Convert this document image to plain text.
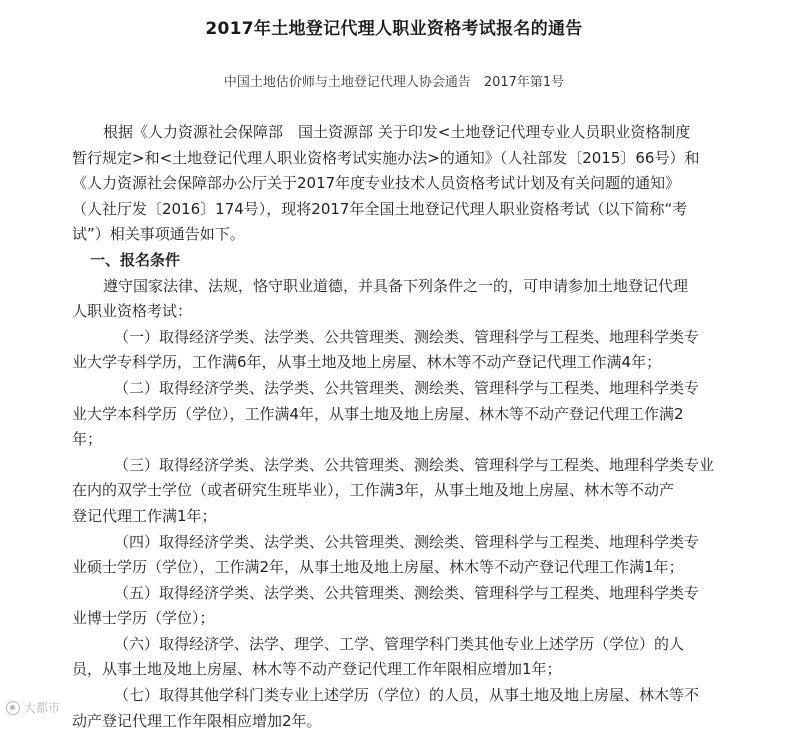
2017年土地登记代理人职业资格考试报名的通告
中国土地估价师与土地登记代理人协会通告　2017年第1号
根据《人力资源社会保障部　国土资源部 关于印发<土地登记代理专业人员职业资格制度
暂行规定>和<土地登记代理人职业资格考试实施办法>的通知》（人社部发〔2015〕66号）和
《人力资源社会保障部办公厅关于2017年度专业技术人员资格考试计划及有关问题的通知》
（人社厅发〔2016〕174号），现将2017年全国土地登记代理人职业资格考试（以下简称“考
试”）相关事项通告如下。
一、报名条件
遵守国家法律、法规，恪守职业道德，并具备下列条件之一的，可申请参加土地登记代理
人职业资格考试：
（一）取得经济学类、法学类、公共管理类、测绘类、管理科学与工程类、地理科学类专
业大学专科学历，工作满6年，从事土地及地上房屋、林木等不动产登记代理工作满4年；
（二）取得经济学类、法学类、公共管理类、测绘类、管理科学与工程类、地理科学类专
业大学本科学历（学位），工作满4年，从事土地及地上房屋、林木等不动产登记代理工作满2
年；
（三）取得经济学类、法学类、公共管理类、测绘类、管理科学与工程类、地理科学类专业
在内的双学士学位（或者研究生班毕业），工作满3年，从事土地及地上房屋、林木等不动产
登记代理工作满1年；
（四）取得经济学类、法学类、公共管理类、测绘类、管理科学与工程类、地理科学类专
业硕士学历（学位），工作满2年，从事土地及地上房屋、林木等不动产登记代理工作满1年；
（五）取得经济学类、法学类、公共管理类、测绘类、管理科学与工程类、地理科学类专
业博士学历（学位）；
（六）取得经济学、法学、理学、工学、管理学科门类其他专业上述学历（学位）的人
员，从事土地及地上房屋、林木等不动产登记代理工作年限相应增加1年；
（七）取得其他学科门类专业上述学历（学位）的人员，从事土地及地上房屋、林木等不
动产登记代理工作年限相应增加2年。
大都市
